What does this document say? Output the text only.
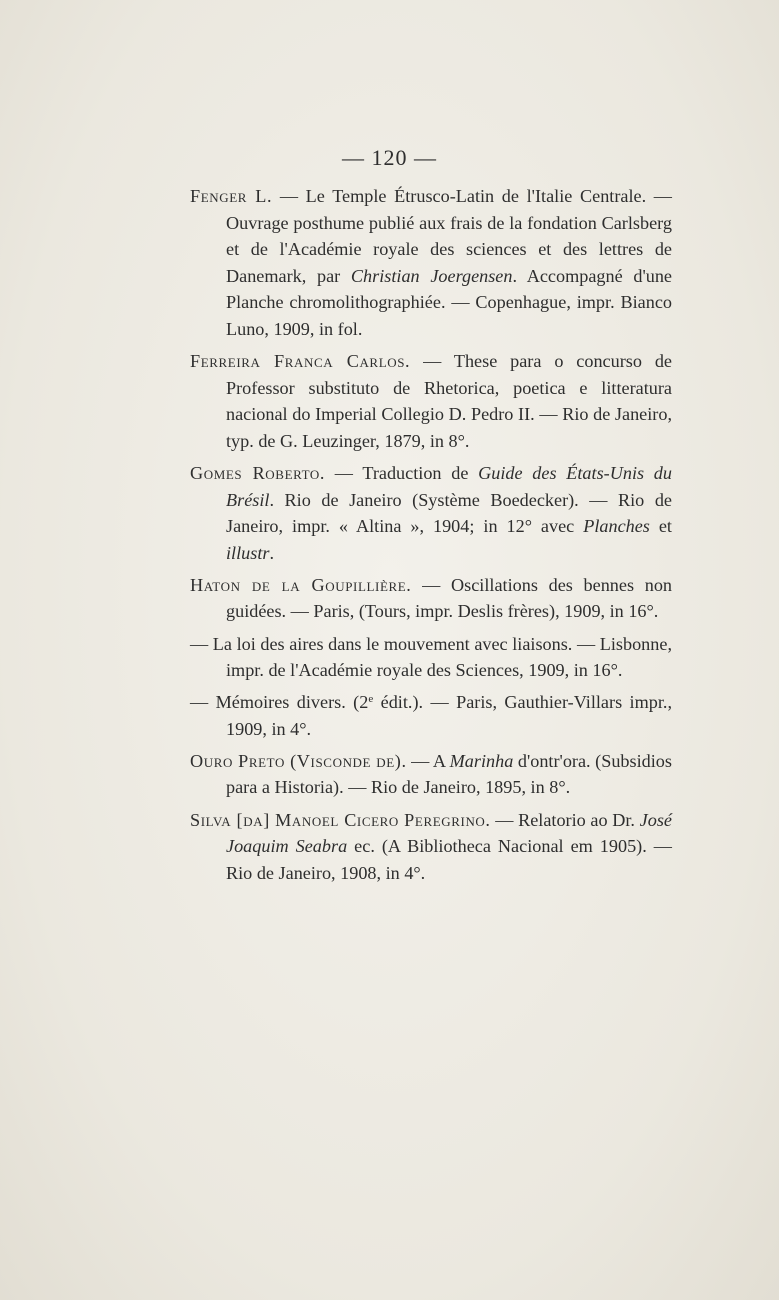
— 120 —

Fenger L. — Le Temple Étrusco-Latin de l'Italie Centrale. — Ouvrage posthume publié aux frais de la fondation Carlsberg et de l'Académie royale des sciences et des lettres de Danemark, par Christian Joergensen. Accompagné d'une Planche chromolithographiée. — Copenhague, impr. Bianco Luno, 1909, in fol.

Ferreira Franca Carlos. — These para o concurso de Professor substituto de Rhetorica, poetica e litteratura nacional do Imperial Collegio D. Pedro II. — Rio de Janeiro, typ. de G. Leuzinger, 1879, in 8°.

Gomes Roberto. — Traduction de Guide des États-Unis du Brésil. Rio de Janeiro (Système Boedecker). — Rio de Janeiro, impr. « Altina », 1904; in 12° avec Planches et illustr.

Haton de la Goupillière. — Oscillations des bennes non guidées. — Paris, (Tours, impr. Deslis frères), 1909, in 16°.

— La loi des aires dans le mouvement avec liaisons. — Lisbonne, impr. de l'Académie royale des Sciences, 1909, in 16°.

— Mémoires divers. (2e édit.). — Paris, Gauthier-Villars impr., 1909, in 4°.

Ouro Preto (Visconde de). — A Marinha d'ontr'ora. (Subsidios para a Historia). — Rio de Janeiro, 1895, in 8°.

Silva [da] Manoel Cicero Peregrino. — Relatorio ao Dr. José Joaquim Seabra ec. (A Bibliotheca Nacional em 1905). — Rio de Janeiro, 1908, in 4°.
